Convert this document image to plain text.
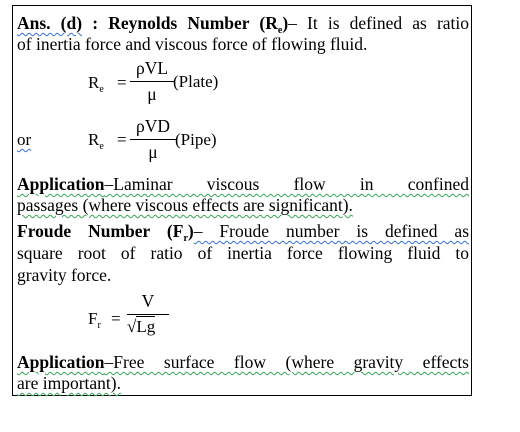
Ans. (d) : Reynolds Number $(R_e)-$ It is defined as ratio
of inertia force and viscous force of flowing fluid.
$R_e$ =
ρVL
μ
(Plate)
or	$R_e$ =
ρVD
μ
(Pipe)
Application–Laminar viscous flow in confined
passages (where viscous effects are significant).
Froude Number $(F_r)-$ Froude number is defined as
square root of ratio of inertia force flowing fluid to
gravity force.
$F_r$ =
V
√Lg
Application–Free surface flow (where gravity effects
are important).
